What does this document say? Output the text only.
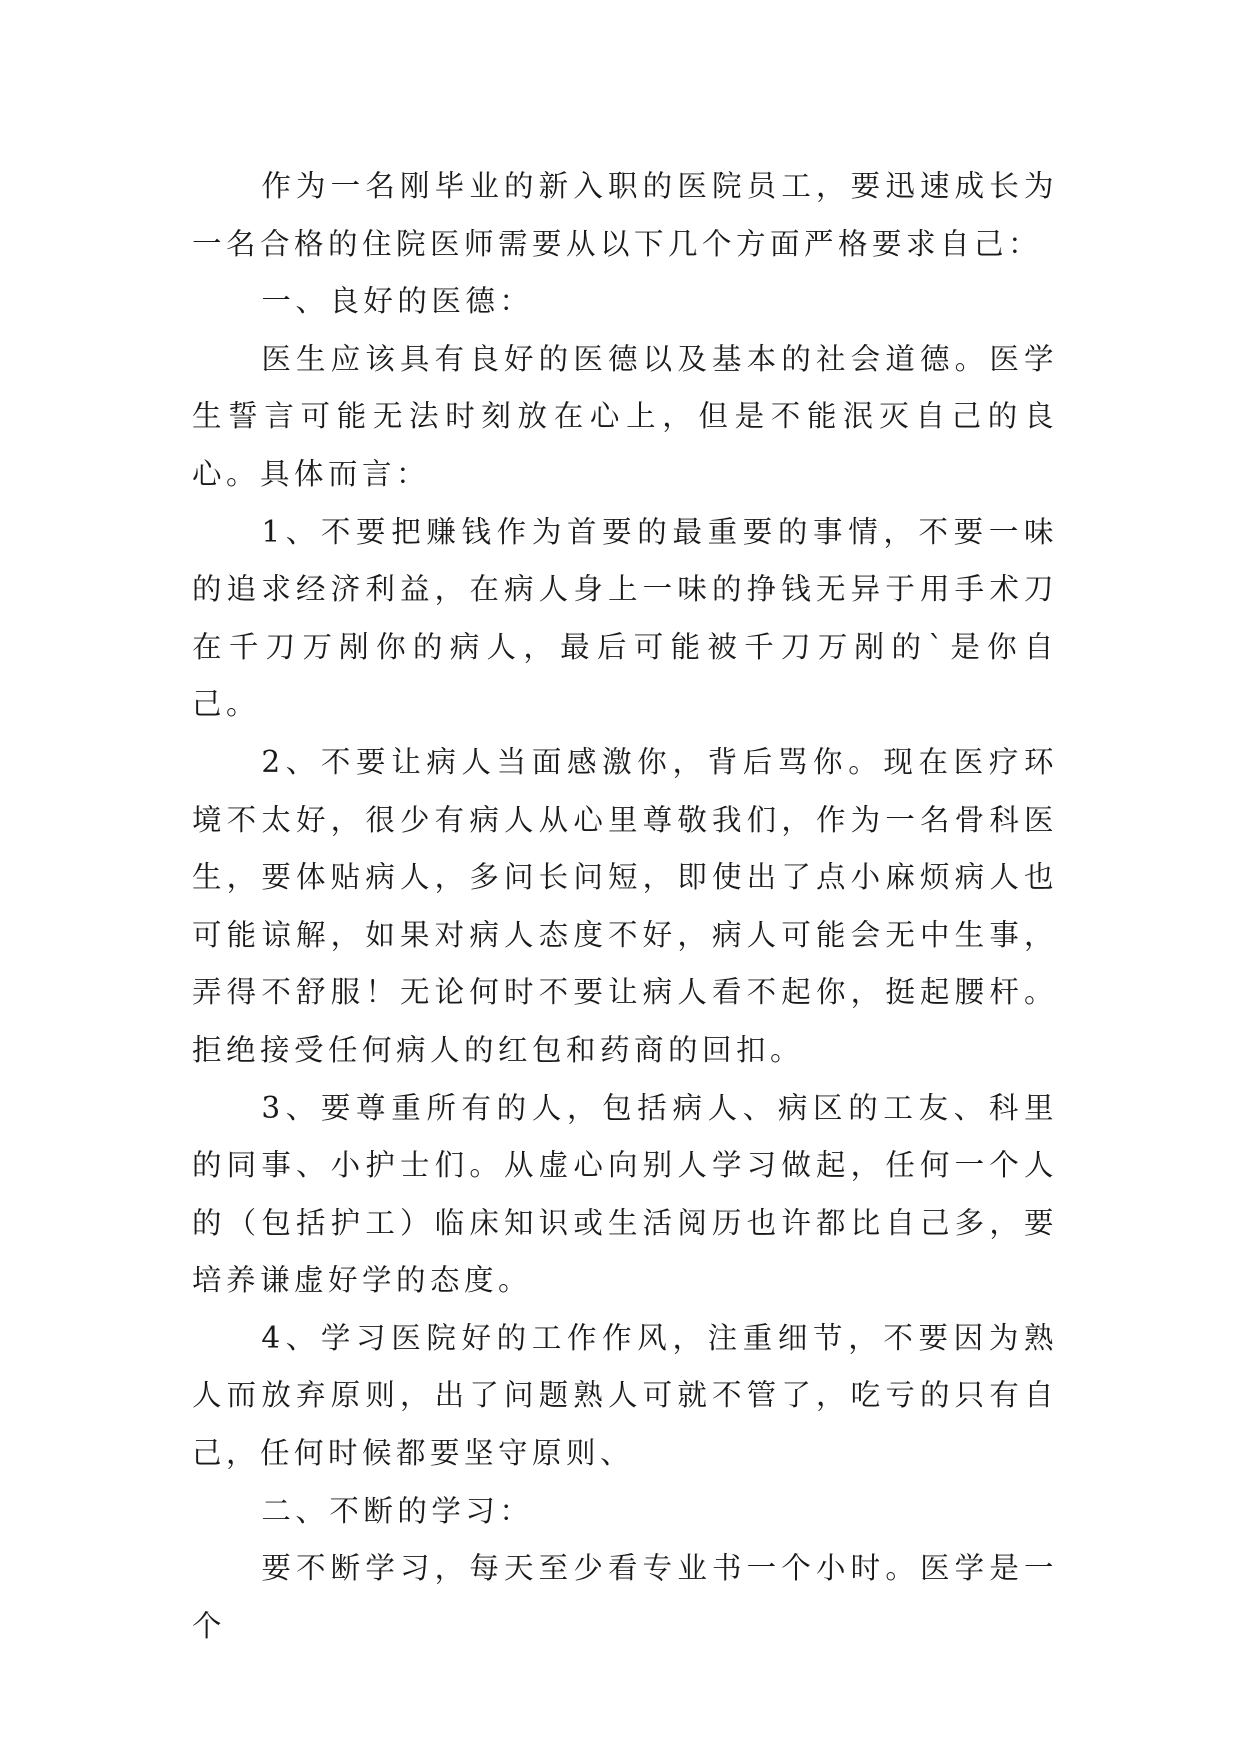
作为一名刚毕业的新入职的医院员工，要迅速成长为一名合格的住院医师需要从以下几个方面严格要求自己：

一、良好的医德：

医生应该具有良好的医德以及基本的社会道德。医学生誓言可能无法时刻放在心上，但是不能泯灭自己的良心。具体而言：

1、不要把赚钱作为首要的最重要的事情，不要一味的追求经济利益，在病人身上一味的挣钱无异于用手术刀在千刀万剐你的病人，最后可能被千刀万剐的`是你自己。

2、不要让病人当面感激你，背后骂你。现在医疗环境不太好，很少有病人从心里尊敬我们，作为一名骨科医生，要体贴病人，多问长问短，即使出了点小麻烦病人也可能谅解，如果对病人态度不好，病人可能会无中生事，弄得不舒服！无论何时不要让病人看不起你，挺起腰杆。拒绝接受任何病人的红包和药商的回扣。

3、要尊重所有的人，包括病人、病区的工友、科里的同事、小护士们。从虚心向别人学习做起，任何一个人的（包括护工）临床知识或生活阅历也许都比自己多，要培养谦虚好学的态度。

4、学习医院好的工作作风，注重细节，不要因为熟人而放弃原则，出了问题熟人可就不管了，吃亏的只有自己，任何时候都要坚守原则、

二、不断的学习：

要不断学习，每天至少看专业书一个小时。医学是一个
